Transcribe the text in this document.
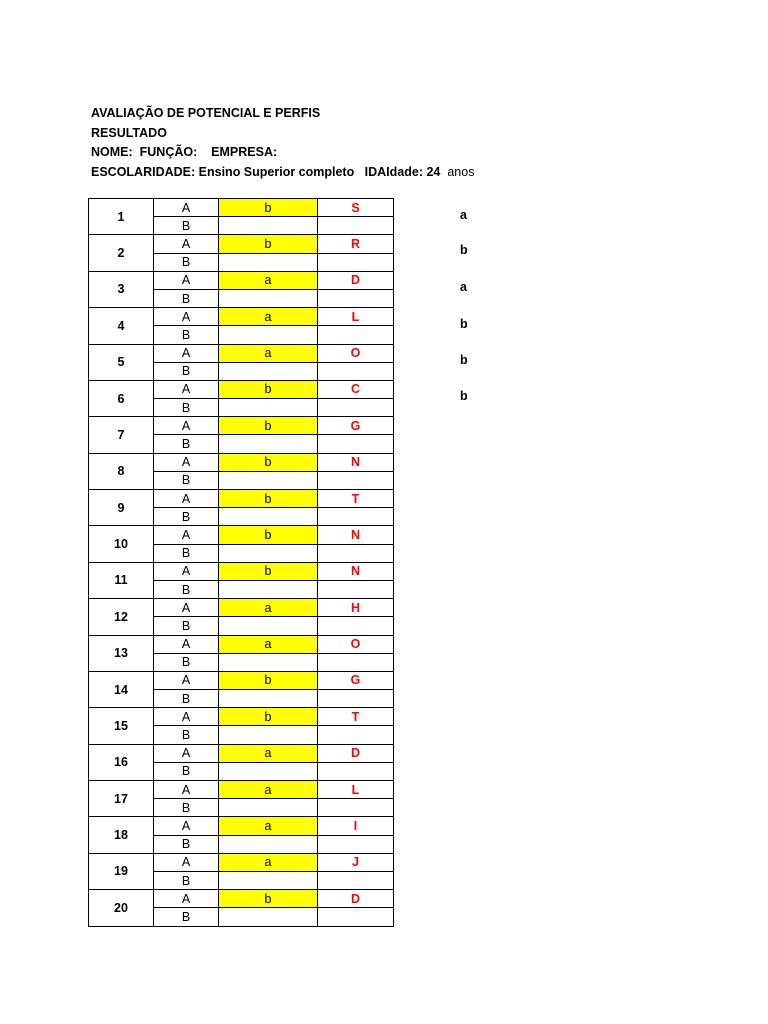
AVALIAÇÃO DE POTENCIAL E PERFIS
RESULTADO
NOME: FUNÇÃO: EMPRESA:
ESCOLARIDADE: Ensino Superior completo IDAIdade: 24 anos
1	A	b	S
	B		
2	A	b	R
	B		
3	A	a	D
	B		
4	A	a	L
	B		
5	A	a	O
	B		
6	A	b	C
	B		
7	A	b	G
	B		
8	A	b	N
	B		
9	A	b	T
	B		
10	A	b	N
	B		
11	A	b	N
	B		
12	A	a	H
	B		
13	A	a	O
	B		
14	A	b	G
	B		
15	A	b	T
	B		
16	A	a	D
	B		
17	A	a	L
	B		
18	A	a	I
	B		
19	A	a	J
	B		
20	A	b	D
	B		
a
b
a
b
b
b
